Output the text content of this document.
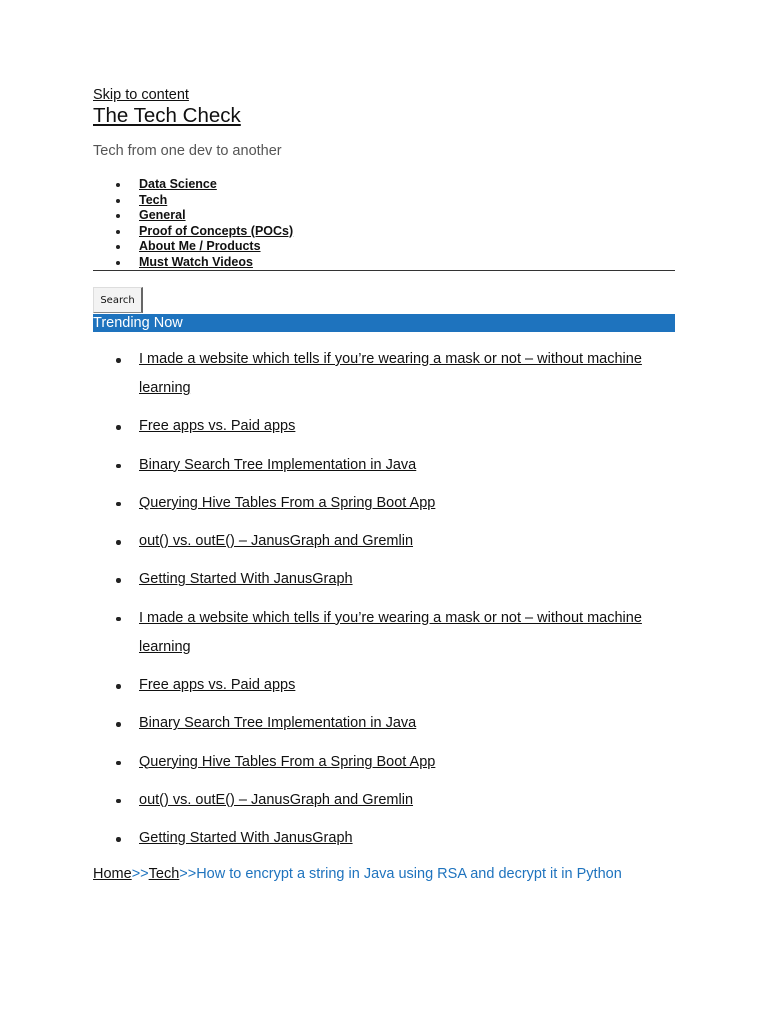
Skip to content
The Tech Check

Tech from one dev to another

Data Science
Tech
General
Proof of Concepts (POCs)
About Me / Products
Must Watch Videos
Search
Trending Now
I made a website which tells if you’re wearing a mask or not – without machine learning
Free apps vs. Paid apps
Binary Search Tree Implementation in Java
Querying Hive Tables From a Spring Boot App
out() vs. outE() – JanusGraph and Gremlin
Getting Started With JanusGraph
I made a website which tells if you’re wearing a mask or not – without machine learning
Free apps vs. Paid apps
Binary Search Tree Implementation in Java
Querying Hive Tables From a Spring Boot App
out() vs. outE() – JanusGraph and Gremlin
Getting Started With JanusGraph
Home>>Tech>>How to encrypt a string in Java using RSA and decrypt it in Python
